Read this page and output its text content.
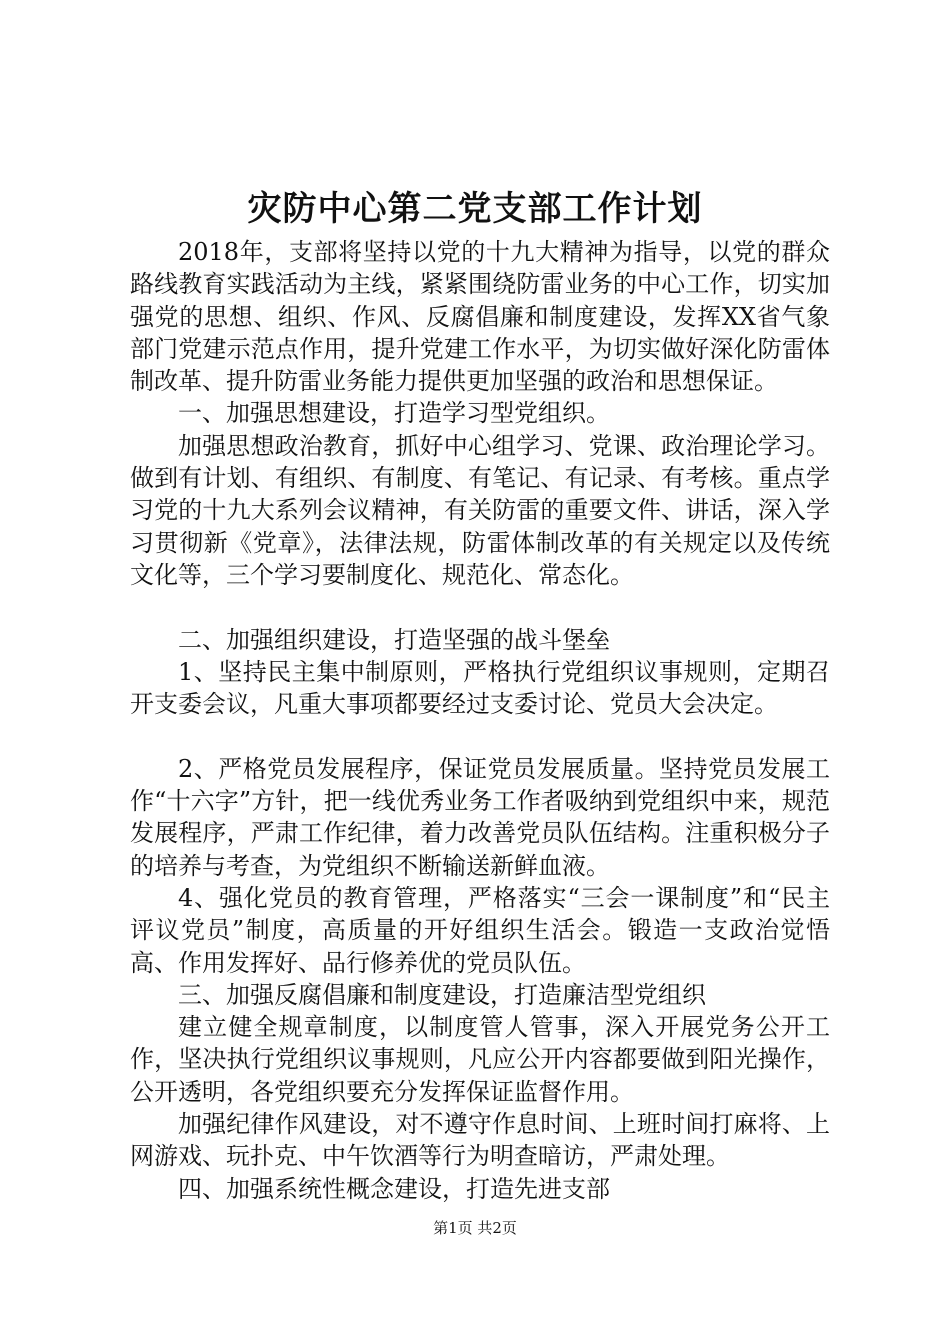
灾防中心第二党支部工作计划

2018年，支部将坚持以党的十九大精神为指导，以党的群众路线教育实践活动为主线，紧紧围绕防雷业务的中心工作，切实加强党的思想、组织、作风、反腐倡廉和制度建设，发挥XX省气象部门党建示范点作用，提升党建工作水平，为切实做好深化防雷体制改革、提升防雷业务能力提供更加坚强的政治和思想保证。

一、加强思想建设，打造学习型党组织。

加强思想政治教育，抓好中心组学习、党课、政治理论学习。做到有计划、有组织、有制度、有笔记、有记录、有考核。重点学习党的十九大系列会议精神，有关防雷的重要文件、讲话，深入学习贯彻新《党章》，法律法规，防雷体制改革的有关规定以及传统文化等，三个学习要制度化、规范化、常态化。

二、加强组织建设，打造坚强的战斗堡垒

1、坚持民主集中制原则，严格执行党组织议事规则，定期召开支委会议，凡重大事项都要经过支委讨论、党员大会决定。

2、严格党员发展程序，保证党员发展质量。坚持党员发展工作“十六字”方针，把一线优秀业务工作者吸纳到党组织中来，规范发展程序，严肃工作纪律，着力改善党员队伍结构。注重积极分子的培养与考查，为党组织不断输送新鲜血液。

4、强化党员的教育管理，严格落实“三会一课制度”和“民主评议党员”制度，高质量的开好组织生活会。锻造一支政治觉悟高、作用发挥好、品行修养优的党员队伍。

三、加强反腐倡廉和制度建设，打造廉洁型党组织

建立健全规章制度，以制度管人管事，深入开展党务公开工作，坚决执行党组织议事规则，凡应公开内容都要做到阳光操作，公开透明，各党组织要充分发挥保证监督作用。

加强纪律作风建设，对不遵守作息时间、上班时间打麻将、上网游戏、玩扑克、中午饮酒等行为明查暗访，严肃处理。

四、加强系统性概念建设，打造先进支部

第1页 共2页
